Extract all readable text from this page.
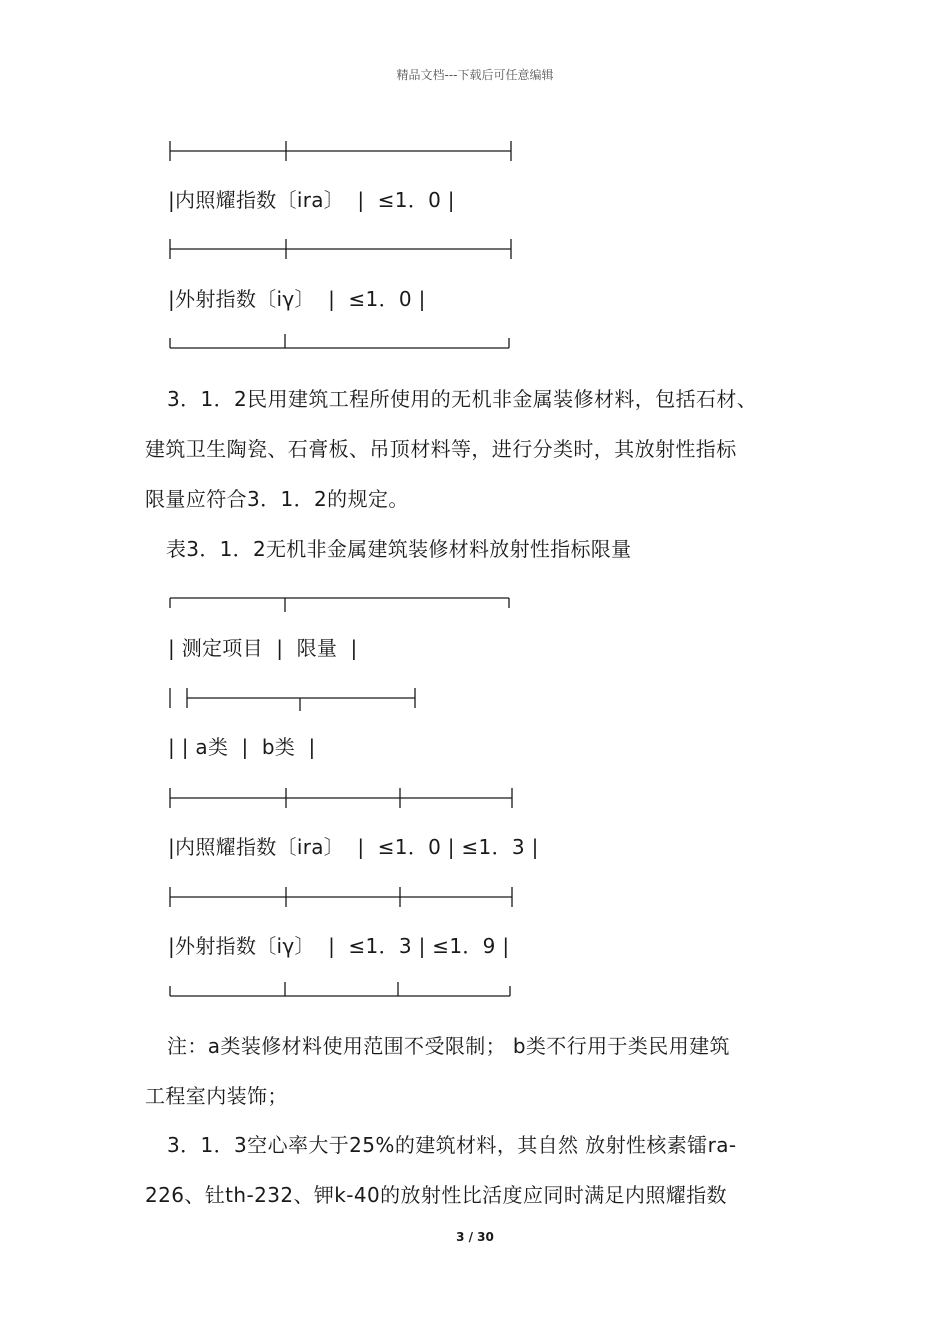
精品文档---下载后可任意编辑
|内照耀指数〔ira〕  |  ≤1．0 |
|外射指数〔iγ〕  |  ≤1．0 |

3．1．2民用建筑工程所使用的无机非金属装修材料，包括石材、

建筑卫生陶瓷、石膏板、吊顶材料等，进行分类时，其放射性指标

限量应符合3．1．2的规定。

表3．1．2无机非金属建筑装修材料放射性指标限量
| 测定项目  |  限量  |
| | a类  |  b类  |
|内照耀指数〔ira〕  |  ≤1．0 | ≤1．3 |
|外射指数〔iγ〕  |  ≤1．3 | ≤1．9 |

注：a类装修材料使用范围不受限制； b类不行用于类民用建筑

工程室内装饰；

3．1．3空心率大于25%的建筑材料，其自然 放射性核素镭ra-

226、钍th-232、钾k-40的放射性比活度应同时满足内照耀指数

3 / 30
